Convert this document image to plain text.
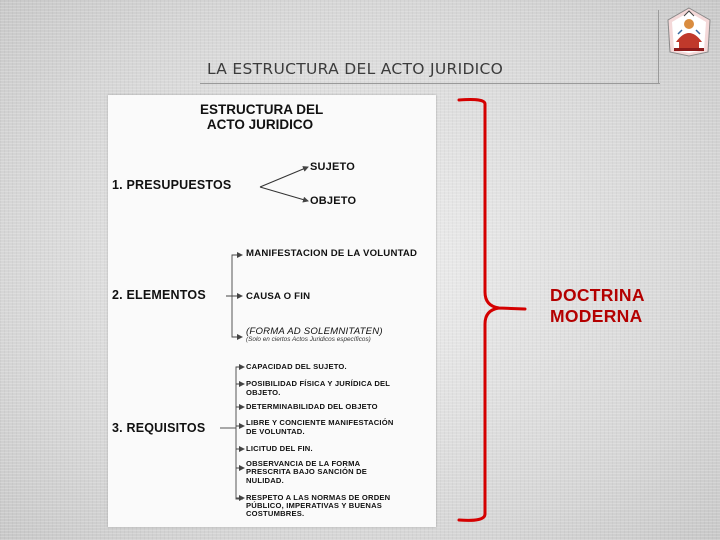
LA ESTRUCTURA DEL ACTO JURIDICO
ESTRUCTURA DEL
ACTO JURIDICO
1. PRESUPUESTOS
SUJETO
OBJETO
2. ELEMENTOS
MANIFESTACION DE LA VOLUNTAD
CAUSA O FIN
(FORMA AD SOLEMNITATEN)
(Solo en ciertos Actos Juridicos específicos)
3. REQUISITOS
CAPACIDAD DEL SUJETO.
POSIBILIDAD FÍSICA Y JURÍDICA DEL
OBJETO.
DETERMINABILIDAD DEL OBJETO
LIBRE Y CONCIENTE MANIFESTACIÓN
DE VOLUNTAD.
LICITUD DEL FIN.
OBSERVANCIA DE LA FORMA
PRESCRITA BAJO SANCIÓN DE
NULIDAD.
RESPETO A LAS NORMAS DE ORDEN
PÚBLICO, IMPERATIVAS Y BUENAS
COSTUMBRES.
DOCTRINA
MODERNA
